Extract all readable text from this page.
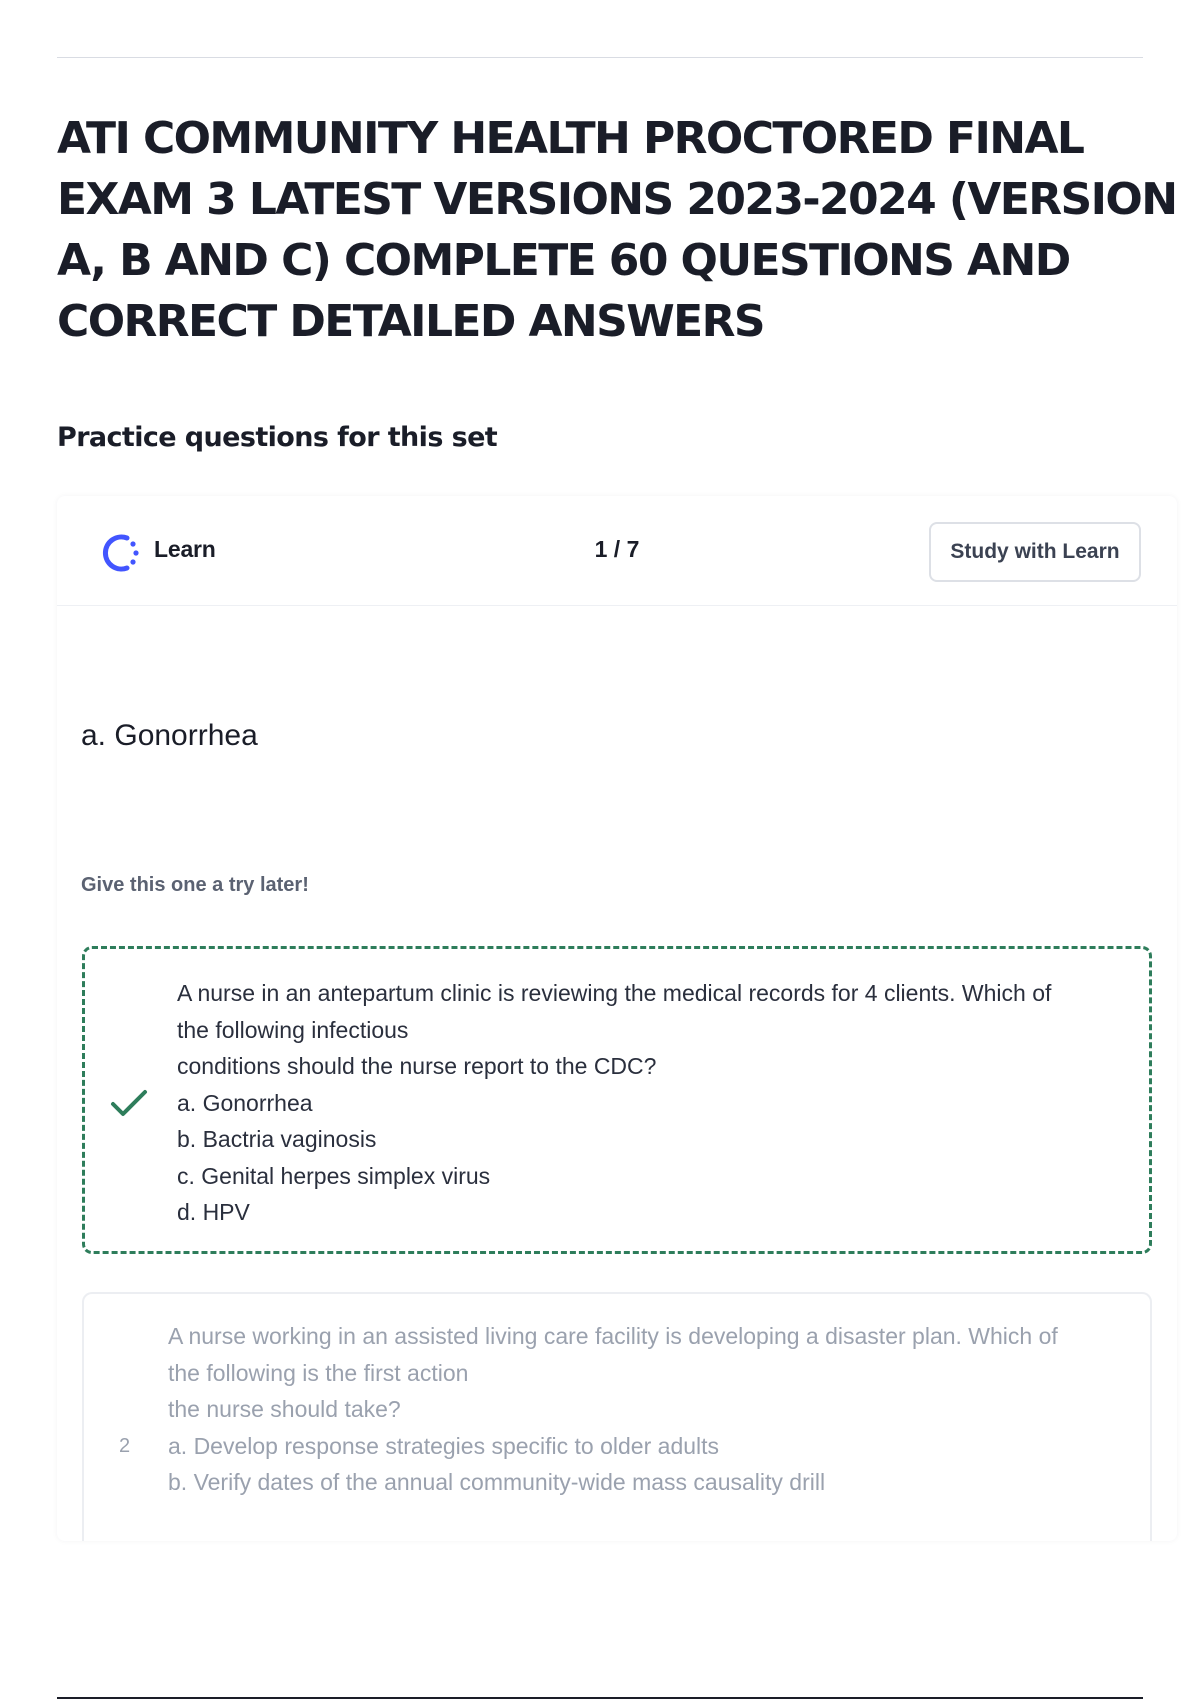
ATI COMMUNITY HEALTH PROCTORED FINAL
EXAM 3 LATEST VERSIONS 2023-2024 (VERSION
A, B AND C) COMPLETE 60 QUESTIONS AND
CORRECT DETAILED ANSWERS
Practice questions for this set
Learn	1 / 7	Study with Learn
a. Gonorrhea
Give this one a try later!
A nurse in an antepartum clinic is reviewing the medical records for 4 clients. Which of
the following infectious
conditions should the nurse report to the CDC?
a. Gonorrhea
b. Bactria vaginosis
c. Genital herpes simplex virus
d. HPV
2
A nurse working in an assisted living care facility is developing a disaster plan. Which of
the following is the first action
the nurse should take?
a. Develop response strategies specific to older adults
b. Verify dates of the annual community-wide mass causality drill
